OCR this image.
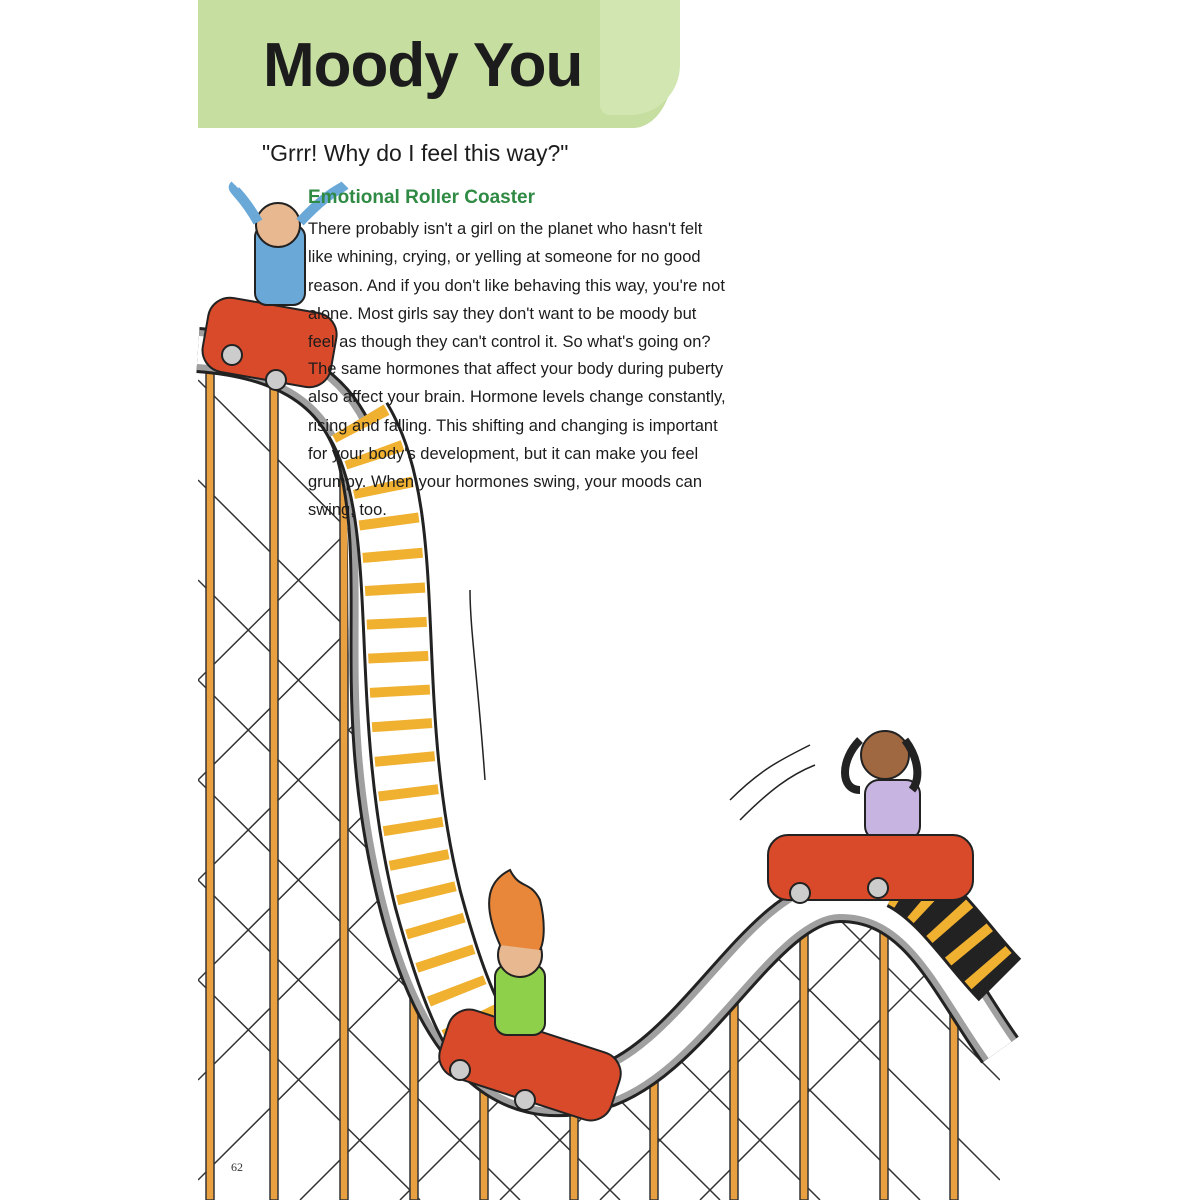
Moody You
"Grrr! Why do I feel this way?"
Emotional Roller Coaster
There probably isn't a girl on the planet who hasn't felt
like whining, crying, or yelling at someone for no good
reason. And if you don't like behaving this way, you're not
alone. Most girls say they don't want to be moody but
feel as though they can't control it. So what's going on?
The same hormones that affect your body during puberty
also affect your brain. Hormone levels change constantly,
rising and falling. This shifting and changing is important
for your body's development, but it can make you feel
grumpy. When your hormones swing, your moods can
swing, too.
62
